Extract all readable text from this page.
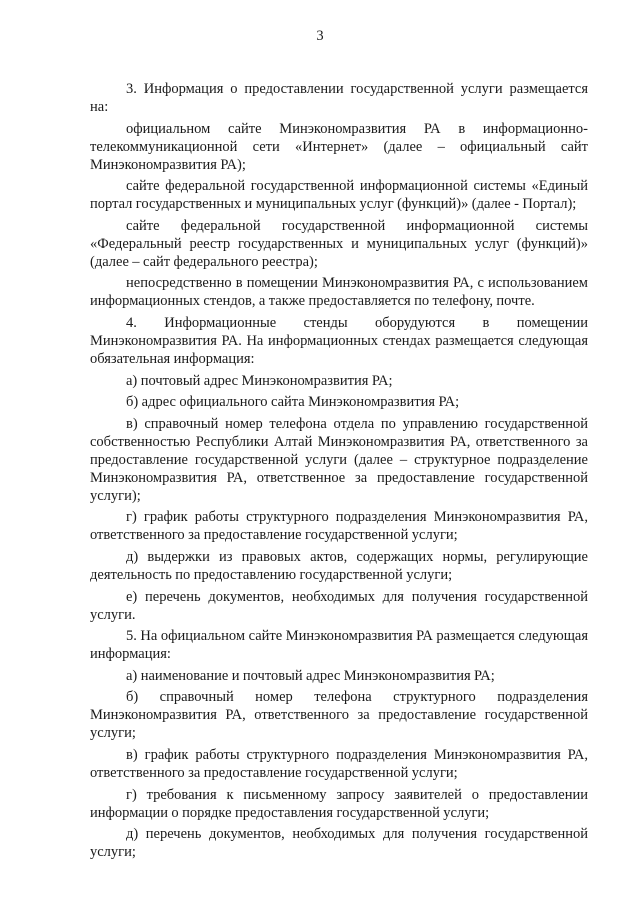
3

3. Информация о предоставлении государственной услуги размещается на:

официальном сайте Минэкономразвития РА в информационно-телекоммуникационной сети «Интернет» (далее – официальный сайт Минэкономразвития РА);

сайте федеральной государственной информационной системы «Единый портал государственных и муниципальных услуг (функций)» (далее - Портал);

сайте федеральной государственной информационной системы «Федеральный реестр государственных и муниципальных услуг (функций)» (далее – сайт федерального реестра);

непосредственно в помещении Минэкономразвития РА, с использованием информационных стендов, а также предоставляется по телефону, почте.

4. Информационные стенды оборудуются в помещении Минэкономразвития РА. На информационных стендах размещается следующая обязательная информация:

а) почтовый адрес Минэкономразвития РА;

б) адрес официального сайта Минэкономразвития РА;

в) справочный номер телефона отдела по управлению государственной собственностью Республики Алтай Минэкономразвития РА, ответственного за предоставление государственной услуги (далее – структурное подразделение Минэкономразвития РА, ответственное за предоставление государственной услуги);

г) график работы структурного подразделения Минэкономразвития РА, ответственного за предоставление государственной услуги;

д) выдержки из правовых актов, содержащих нормы, регулирующие деятельность по предоставлению государственной услуги;

е) перечень документов, необходимых для получения государственной услуги.

5. На официальном сайте Минэкономразвития РА размещается следующая информация:

а) наименование и почтовый адрес Минэкономразвития РА;

б) справочный номер телефона структурного подразделения Минэкономразвития РА, ответственного за предоставление государственной услуги;

в) график работы структурного подразделения Минэкономразвития РА, ответственного за предоставление государственной услуги;

г) требования к письменному запросу заявителей о предоставлении информации о порядке предоставления государственной услуги;

д) перечень документов, необходимых для получения государственной услуги;
